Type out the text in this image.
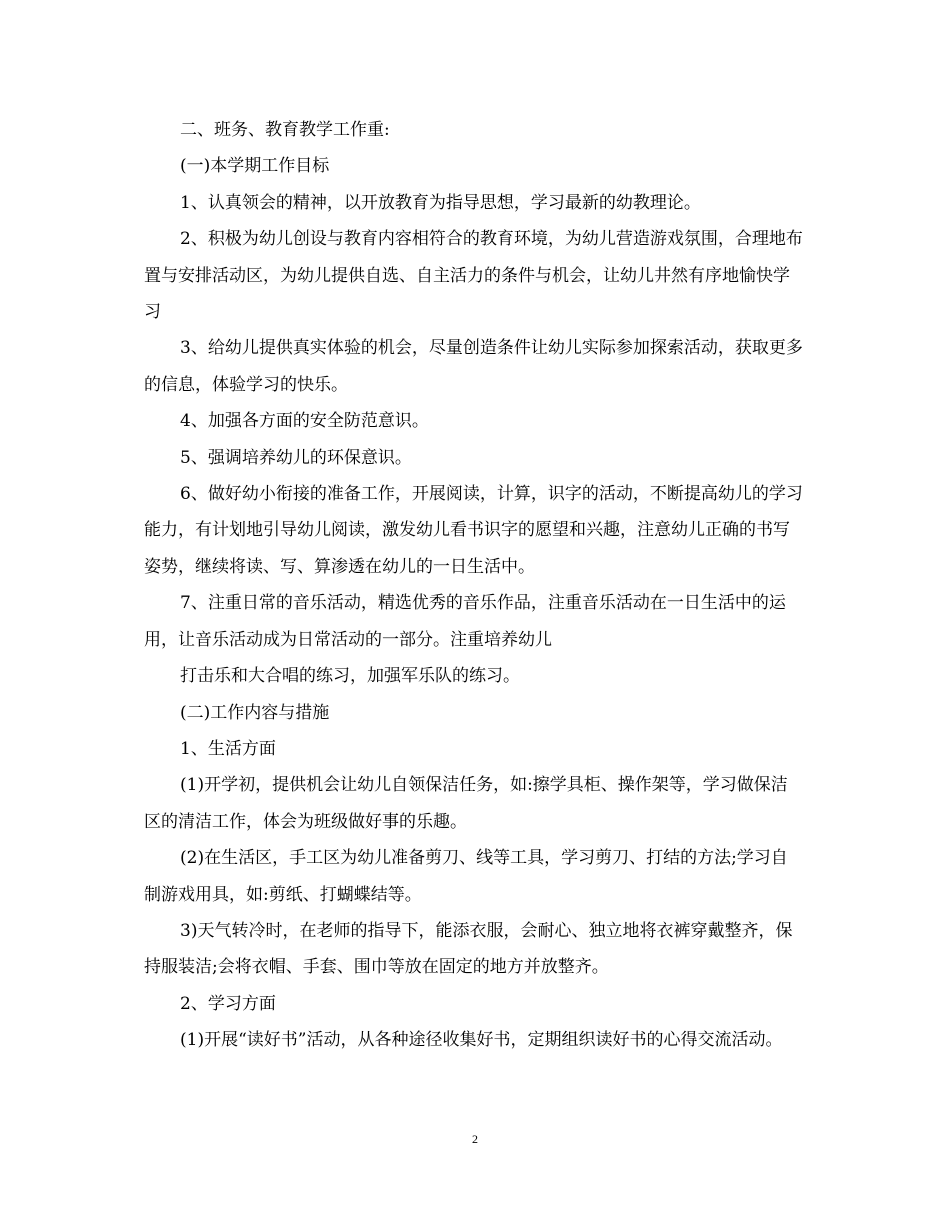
二、班务、教育教学工作重:

(一)本学期工作目标

1、认真领会的精神，以开放教育为指导思想，学习最新的幼教理论。

2、积极为幼儿创设与教育内容相符合的教育环境，为幼儿营造游戏氛围，合理地布置与安排活动区，为幼儿提供自选、自主活力的条件与机会，让幼儿井然有序地愉快学习

3、给幼儿提供真实体验的机会，尽量创造条件让幼儿实际参加探索活动，获取更多的信息，体验学习的快乐。

4、加强各方面的安全防范意识。

5、强调培养幼儿的环保意识。

6、做好幼小衔接的准备工作，开展阅读，计算，识字的活动，不断提高幼儿的学习能力，有计划地引导幼儿阅读，激发幼儿看书识字的愿望和兴趣，注意幼儿正确的书写姿势，继续将读、写、算渗透在幼儿的一日生活中。

7、注重日常的音乐活动，精选优秀的音乐作品，注重音乐活动在一日生活中的运用，让音乐活动成为日常活动的一部分。注重培养幼儿

打击乐和大合唱的练习，加强军乐队的练习。

(二)工作内容与措施

1、生活方面

(1)开学初，提供机会让幼儿自领保洁任务，如:擦学具柜、操作架等，学习做保洁区的清洁工作，体会为班级做好事的乐趣。

(2)在生活区，手工区为幼儿准备剪刀、线等工具，学习剪刀、打结的方法;学习自制游戏用具，如:剪纸、打蝴蝶结等。

3)天气转冷时，在老师的指导下，能添衣服，会耐心、独立地将衣裤穿戴整齐，保持服装洁;会将衣帽、手套、围巾等放在固定的地方并放整齐。

2、学习方面

(1)开展“读好书”活动，从各种途径收集好书，定期组织读好书的心得交流活动。

2
